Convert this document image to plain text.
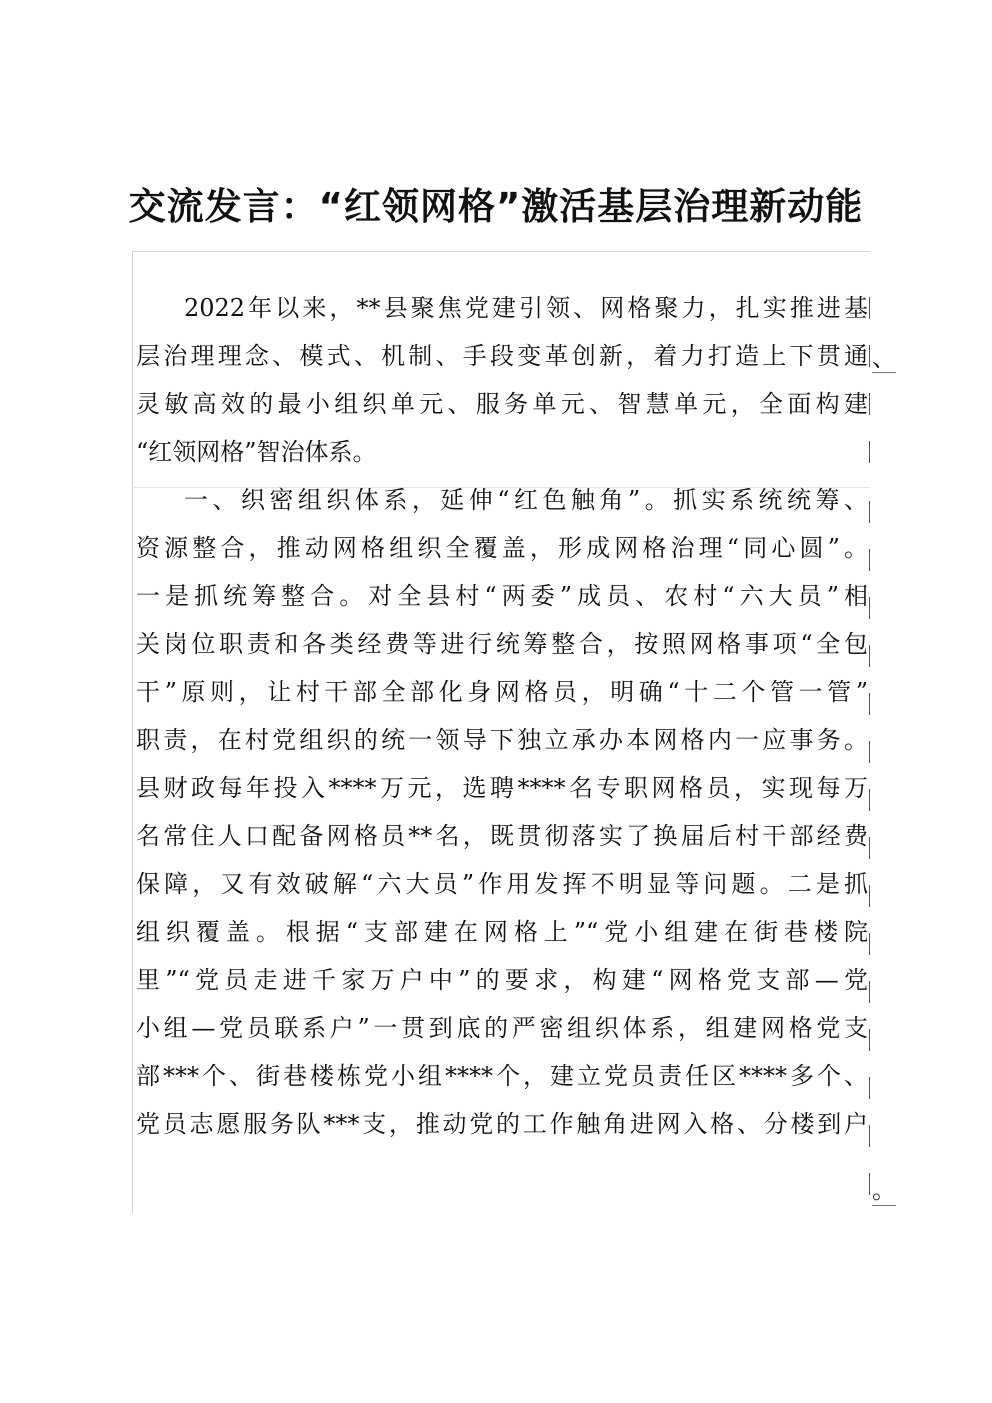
交流发言：“红领网格”激活基层治理新动能
2022年以来，**县聚焦党建引领、网格聚力，扎实推进基
层治理理念、模式、机制、手段变革创新，着力打造上下贯通
灵敏高效的最小组织单元、服务单元、智慧单元，全面构建
“红领网格”智治体系。
一、织密组织体系，延伸“红色触角”。抓实系统统筹、
资源整合，推动网格组织全覆盖，形成网格治理“同心圆”。
一是抓统筹整合。对全县村“两委”成员、农村“六大员”相
关岗位职责和各类经费等进行统筹整合，按照网格事项“全包
干”原则，让村干部全部化身网格员，明确“十二个管一管”
职责，在村党组织的统一领导下独立承办本网格内一应事务。
县财政每年投入****万元，选聘****名专职网格员，实现每万
名常住人口配备网格员**名，既贯彻落实了换届后村干部经费
保障，又有效破解“六大员”作用发挥不明显等问题。二是抓
组织覆盖。根据“支部建在网格上”“党小组建在街巷楼院
里”“党员走进千家万户中”的要求，构建“网格党支部—党
小组—党员联系户”一贯到底的严密组织体系，组建网格党支
部***个、街巷楼栋党小组****个，建立党员责任区****多个、
党员志愿服务队***支，推动党的工作触角进网入格、分楼到户
、
。
